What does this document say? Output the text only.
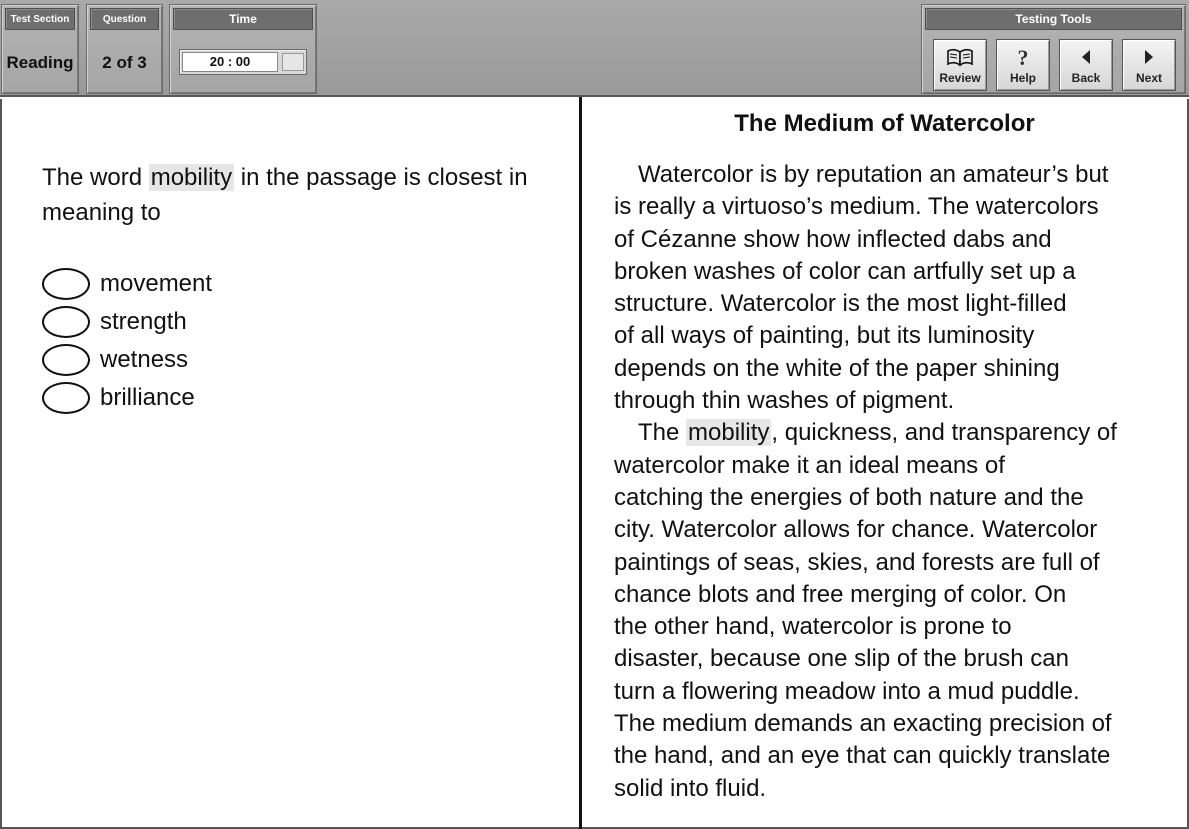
Test Section
Reading
Question
2 of 3
Time
20 : 00
Testing Tools
Review
?
Help	Back	Next
The word mobility in the passage is closest in meaning to
movement
strength
wetness
brilliance
The Medium of Watercolor
Watercolor is by reputation an amateur’s but
is really a virtuoso’s medium. The watercolors
of Cézanne show how inflected dabs and
broken washes of color can artfully set up a
structure. Watercolor is the most light-filled
of all ways of painting, but its luminosity
depends on the white of the paper shining
through thin washes of pigment.
The mobility, quickness, and transparency of
watercolor make it an ideal means of
catching the energies of both nature and the
city. Watercolor allows for chance. Watercolor
paintings of seas, skies, and forests are full of
chance blots and free merging of color. On
the other hand, watercolor is prone to
disaster, because one slip of the brush can
turn a flowering meadow into a mud puddle.
The medium demands an exacting precision of
the hand, and an eye that can quickly translate
solid into fluid.
